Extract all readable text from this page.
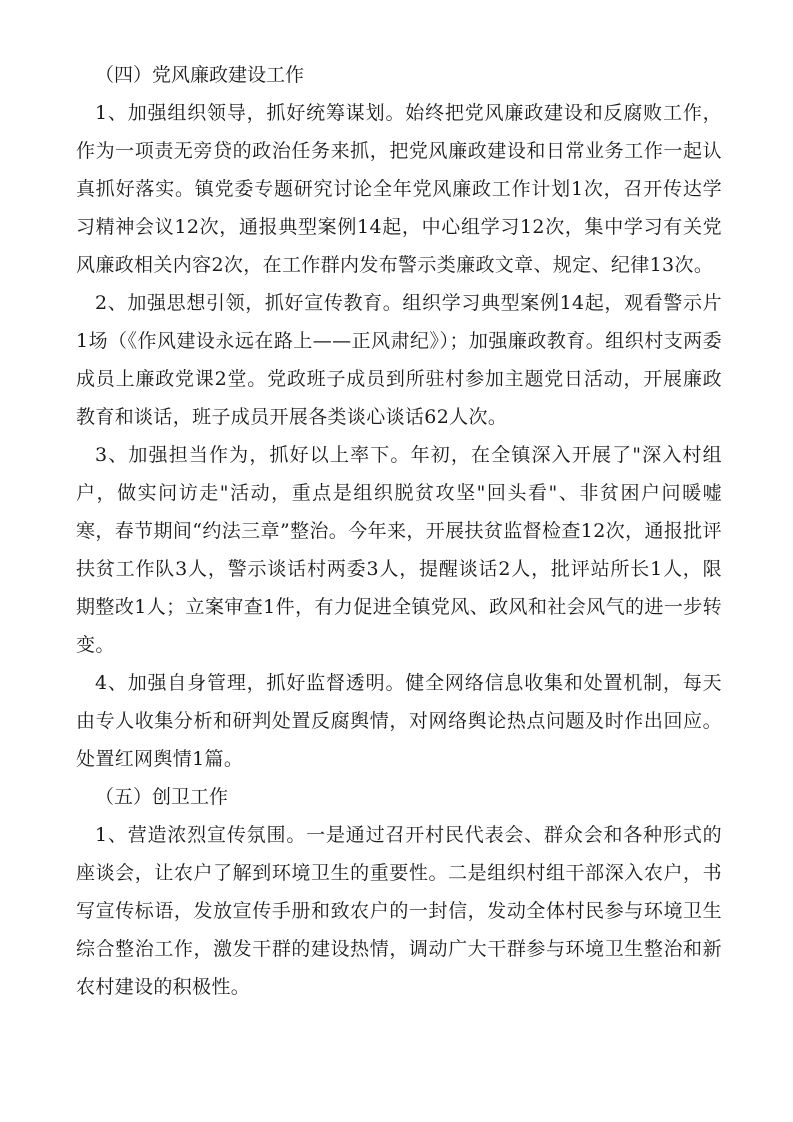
（四）党风廉政建设工作

1、加强组织领导，抓好统筹谋划。始终把党风廉政建设和反腐败工作，作为一项责无旁贷的政治任务来抓，把党风廉政建设和日常业务工作一起认真抓好落实。镇党委专题研究讨论全年党风廉政工作计划1次，召开传达学习精神会议12次，通报典型案例14起，中心组学习12次，集中学习有关党风廉政相关内容2次，在工作群内发布警示类廉政文章、规定、纪律13次。

2、加强思想引领，抓好宣传教育。组织学习典型案例14起，观看警示片1场（《作风建设永远在路上——正风肃纪》）；加强廉政教育。组织村支两委成员上廉政党课2堂。党政班子成员到所驻村参加主题党日活动，开展廉政教育和谈话，班子成员开展各类谈心谈话62人次。

3、加强担当作为，抓好以上率下。年初，在全镇深入开展了"深入村组户，做实问访走"活动，重点是组织脱贫攻坚"回头看"、非贫困户问暖嘘寒，春节期间“约法三章”整治。今年来，开展扶贫监督检查12次，通报批评扶贫工作队3人，警示谈话村两委3人，提醒谈话2人，批评站所长1人，限期整改1人；立案审查1件，有力促进全镇党风、政风和社会风气的进一步转变。

4、加强自身管理，抓好监督透明。健全网络信息收集和处置机制，每天由专人收集分析和研判处置反腐舆情，对网络舆论热点问题及时作出回应。处置红网舆情1篇。

（五）创卫工作

1、营造浓烈宣传氛围。一是通过召开村民代表会、群众会和各种形式的座谈会，让农户了解到环境卫生的重要性。二是组织村组干部深入农户，书写宣传标语，发放宣传手册和致农户的一封信，发动全体村民参与环境卫生综合整治工作，激发干群的建设热情，调动广大干群参与环境卫生整治和新农村建设的积极性。
